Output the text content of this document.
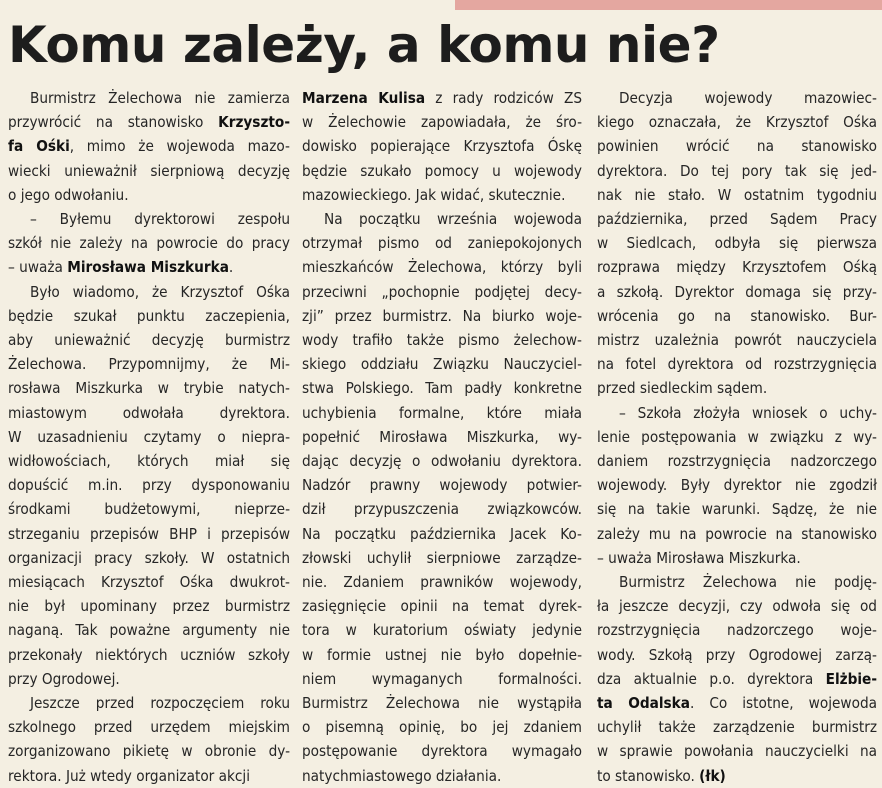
Komu zależy, a komu nie?

Burmistrz Żelechowa nie zamierza
przywrócić na stanowisko Krzyszto-
fa Ośki, mimo że wojewoda mazo-
wiecki unieważnił sierpniową decyzję
o jego odwołaniu.

– Byłemu dyrektorowi zespołu
szkół nie zależy na powrocie do pracy
– uważa Mirosława Miszkurka.

Było wiadomo, że Krzysztof Ośka
będzie szukał punktu zaczepienia,
aby unieważnić decyzję burmistrz
Żelechowa. Przypomnijmy, że Mi-
rosława Miszkurka w trybie natych-
miastowym odwołała dyrektora.
W uzasadnieniu czytamy o niepra-
widłowościach, których miał się
dopuścić m.in. przy dysponowaniu
środkami budżetowymi, nieprze-
strzeganiu przepisów BHP i przepisów
organizacji pracy szkoły. W ostatnich
miesiącach Krzysztof Ośka dwukrot-
nie był upominany przez burmistrz
naganą. Tak poważne argumenty nie
przekonały niektórych uczniów szkoły
przy Ogrodowej.

Jeszcze przed rozpoczęciem roku
szkolnego przed urzędem miejskim
zorganizowano pikietę w obronie dy-
rektora. Już wtedy organizator akcji

Marzena Kulisa z rady rodziców ZS
w Żelechowie zapowiadała, że śro-
dowisko popierające Krzysztofa Óskę
będzie szukało pomocy u wojewody
mazowieckiego. Jak widać, skutecznie.

Na początku września wojewoda
otrzymał pismo od zaniepokojonych
mieszkańców Żelechowa, którzy byli
przeciwni „pochopnie podjętej decy-
zji” przez burmistrz. Na biurko woje-
wody trafiło także pismo żelechow-
skiego oddziału Związku Nauczyciel-
stwa Polskiego. Tam padły konkretne
uchybienia formalne, które miała
popełnić Mirosława Miszkurka, wy-
dając decyzję o odwołaniu dyrektora.
Nadzór prawny wojewody potwier-
dził przypuszczenia związkowców.
Na początku października Jacek Ko-
złowski uchylił sierpniowe zarządze-
nie. Zdaniem prawników wojewody,
zasięgnięcie opinii na temat dyrek-
tora w kuratorium oświaty jedynie
w formie ustnej nie było dopełnie-
niem wymaganych formalności.
Burmistrz Żelechowa nie wystąpiła
o pisemną opinię, bo jej zdaniem
postępowanie dyrektora wymagało
natychmiastowego działania.

Decyzja wojewody mazowiec-
kiego oznaczała, że Krzysztof Ośka
powinien wrócić na stanowisko
dyrektora. Do tej pory tak się jed-
nak nie stało. W ostatnim tygodniu
października, przed Sądem Pracy
w Siedlcach, odbyła się pierwsza
rozprawa między Krzysztofem Ośką
a szkołą. Dyrektor domaga się przy-
wrócenia go na stanowisko. Bur-
mistrz uzależnia powrót nauczyciela
na fotel dyrektora od rozstrzygnięcia
przed siedleckim sądem.

– Szkoła złożyła wniosek o uchy-
lenie postępowania w związku z wy-
daniem rozstrzygnięcia nadzorczego
wojewody. Były dyrektor nie zgodził
się na takie warunki. Sądzę, że nie
zależy mu na powrocie na stanowisko
– uważa Mirosława Miszkurka.

Burmistrz Żelechowa nie podję-
ła jeszcze decyzji, czy odwoła się od
rozstrzygnięcia nadzorczego woje-
wody. Szkołą przy Ogrodowej zarzą-
dza aktualnie p.o. dyrektora Elżbie-
ta Odalska. Co istotne, wojewoda
uchylił także zarządzenie burmistrz
w sprawie powołania nauczycielki na
to stanowisko. (łk)
